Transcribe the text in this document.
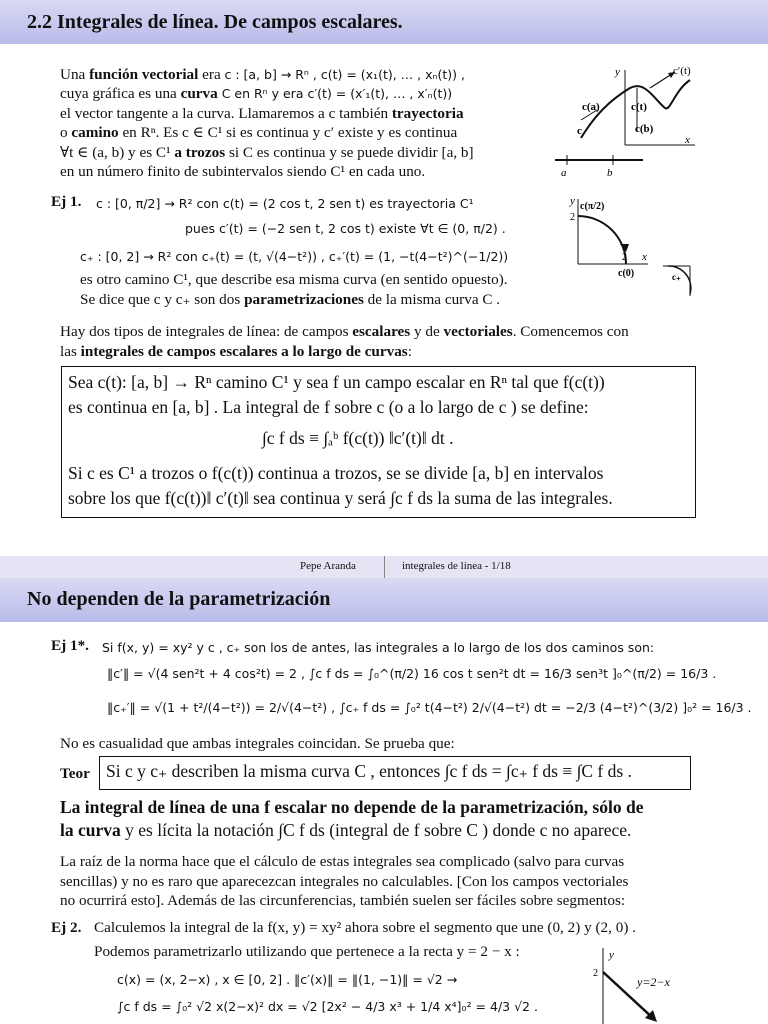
2.2 Integrales de línea. De campos escalares.
Una función vectorial era c : [a, b] → Rⁿ , c(t) = (x₁(t), … , xₙ(t)) ,
cuya gráfica es una curva C en Rⁿ y era c′(t) = (x′₁(t), … , x′ₙ(t))
el vector tangente a la curva. Llamaremos a c también trayectoria
o camino en Rⁿ. Es c ∈ C¹ si es continua y c′ existe y es continua
∀t ∈ (a, b) y es C¹ a trozos si C es continua y se puede dividir [a, b]
en un número finito de subintervalos siendo C¹ en cada uno.
y
x
c′(t)
c(a)	c(t)
c(b)
c
a	b
Ej 1. c : [0, π/2] → R² con c(t) = (2 cos t, 2 sen t) es trayectoria C¹
pues c′(t) = (−2 sen t, 2 cos t) existe ∀t ∈ (0, π/2) .
c₊ : [0, 2] → R² con c₊(t) = (t, √(4−t²)) , c₊′(t) = (1, −t(4−t²)^(−1/2))
es otro camino C¹, que describe esa misma curva (en sentido opuesto).
Se dice que c y c₊ son dos parametrizaciones de la misma curva C .
y c(π/2)
2
2 x
c(0)	c₊
Hay dos tipos de integrales de línea: de campos escalares y de vectoriales. Comencemos con
las integrales de campos escalares a lo largo de curvas:
Sea c(t): [a, b] → Rⁿ camino C¹ y sea f un campo escalar en Rⁿ tal que f(c(t))
es continua en [a, b] . La integral de f sobre c (o a lo largo de c ) se define:
∫c f ds ≡ ∫ₐᵇ f(c(t)) ‖c′(t)‖ dt .
Si c es C¹ a trozos o f(c(t)) continua a trozos, se se divide [a, b] en intervalos
sobre los que f(c(t))‖ c′(t)‖ sea continua y será ∫c f ds la suma de las integrales.
Pepe Aranda	integrales de línea - 1/18
No dependen de la parametrización
Ej 1*. Si f(x, y) = xy² y c , c₊ son los de antes, las integrales a lo largo de los dos caminos son:
‖c′‖ = √(4 sen²t + 4 cos²t) = 2 , ∫c f ds = ∫₀^(π/2) 16 cos t sen²t dt = 16/3 sen³t ]₀^(π/2) = 16/3 .
‖c₊′‖ = √(1 + t²/(4−t²)) = 2/√(4−t²) , ∫c₊ f ds = ∫₀² t(4−t²) 2/√(4−t²) dt = −2/3 (4−t²)^(3/2) ]₀² = 16/3 .
No es casualidad que ambas integrales coincidan. Se prueba que:
Teor Si c y c₊ describen la misma curva C , entonces ∫c f ds = ∫c₊ f ds ≡ ∫C f ds .
La integral de línea de una f escalar no depende de la parametrización, sólo de
la curva y es lícita la notación ∫C f ds (integral de f sobre C ) donde c no aparece.
La raíz de la norma hace que el cálculo de estas integrales sea complicado (salvo para curvas
sencillas) y no es raro que aparecezcan integrales no calculables. [Con los campos vectoriales
no ocurrirá esto]. Además de las circunferencias, también suelen ser fáciles sobre segmentos:
Ej 2. Calculemos la integral de la f(x, y) = xy² ahora sobre el segmento que une (0, 2) y (2, 0) .
Podemos parametrizarlo utilizando que pertenece a la recta y = 2 − x :
c(x) = (x, 2−x) , x ∈ [0, 2] . ‖c′(x)‖ = ‖(1, −1)‖ = √2 →
∫c f ds = ∫₀² √2 x(2−x)² dx = √2 [2x² − 4/3 x³ + 1/4 x⁴]₀² = 4/3 √2 .
y
2
y=2−x
